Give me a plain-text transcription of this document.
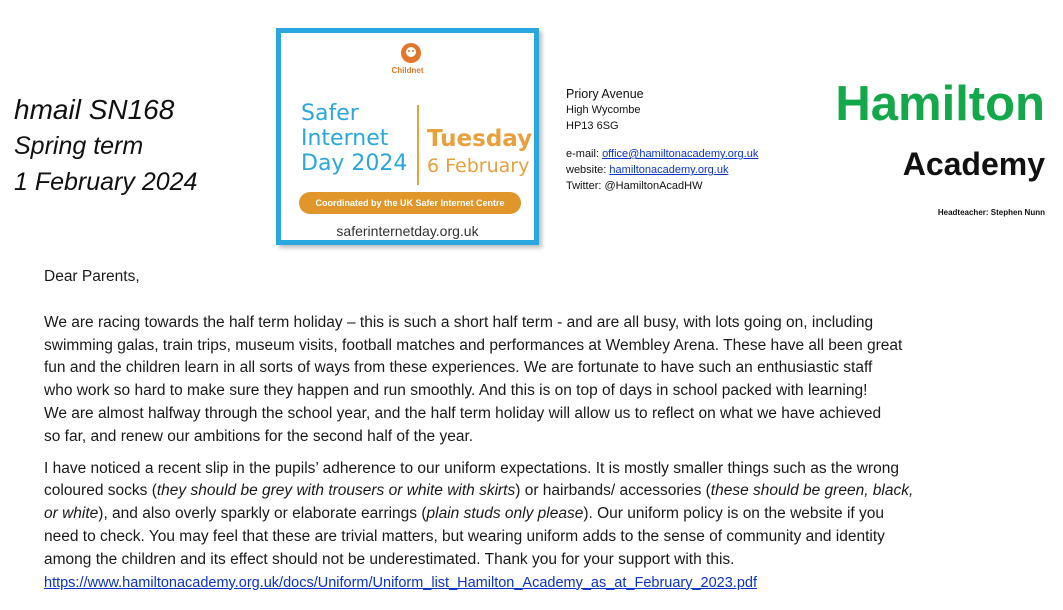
hmail SN168
Spring term
1 February 2024
Childnet
Safer
Internet
Day 2024
Tuesday
6 February
Coordinated by the UK Safer Internet Centre
saferinternetday.org.uk
Priory Avenue
High Wycombe
HP13 6SG
e-mail: office@hamiltonacademy.org.uk
website: hamiltonacademy.org.uk
Twitter: @HamiltonAcadHW
Hamilton
Academy
Headteacher: Stephen Nunn

Dear Parents,

We are racing towards the half term holiday – this is such a short half term - and are all busy, with lots going on, including
swimming galas, train trips, museum visits, football matches and performances at Wembley Arena. These have all been great
fun and the children learn in all sorts of ways from these experiences. We are fortunate to have such an enthusiastic staff
who work so hard to make sure they happen and run smoothly. And this is on top of days in school packed with learning!
We are almost halfway through the school year, and the half term holiday will allow us to reflect on what we have achieved
so far, and renew our ambitions for the second half of the year.

I have noticed a recent slip in the pupils’ adherence to our uniform expectations. It is mostly smaller things such as the wrong
coloured socks (they should be grey with trousers or white with skirts) or hairbands/ accessories (these should be green, black,
or white), and also overly sparkly or elaborate earrings (plain studs only please). Our uniform policy is on the website if you
need to check. You may feel that these are trivial matters, but wearing uniform adds to the sense of community and identity
among the children and its effect should not be underestimated. Thank you for your support with this.
https://www.hamiltonacademy.org.uk/docs/Uniform/Uniform_list_Hamilton_Academy_as_at_February_2023.pdf
